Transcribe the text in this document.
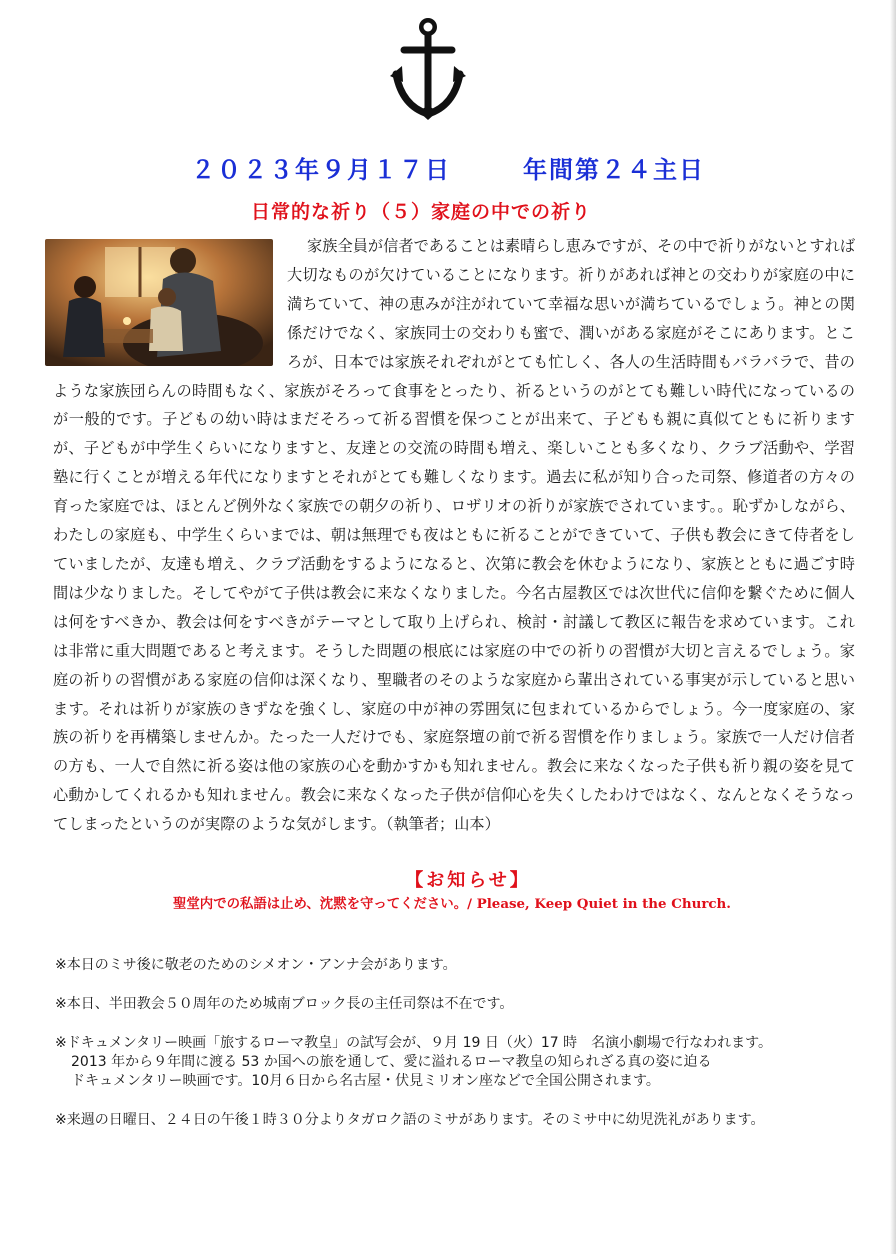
２０２３年９月１７日	年間第２４主日
日常的な祈り（５）家庭の中での祈り
家族全員が信者であることは素晴らし恵みですが、その中で祈りがないとすれば大切なものが欠けていることになります。祈りがあれば神との交わりが家庭の中に満ちていて、神の恵みが注がれていて幸福な思いが満ちているでしょう。神との関係だけでなく、家族同士の交わりも蜜で、潤いがある家庭がそこにあります。ところが、日本では家族それぞれがとても忙しく、各人の生活時間もバラバラで、昔のような家族団らんの時間もなく、家族がそろって食事をとったり、祈るというのがとても難しい時代になっているのが一般的です。子どもの幼い時はまだそろって祈る習慣を保つことが出来て、子どもも親に真似てともに祈りますが、子どもが中学生くらいになりますと、友達との交流の時間も増え、楽しいことも多くなり、クラブ活動や、学習塾に行くことが増える年代になりますとそれがとても難しくなります。過去に私が知り合った司祭、修道者の方々の育った家庭では、ほとんど例外なく家族での朝夕の祈り、ロザリオの祈りが家族でされています。。恥ずかしながら、わたしの家庭も、中学生くらいまでは、朝は無理でも夜はともに祈ることができていて、子供も教会にきて侍者をしていましたが、友達も増え、クラブ活動をするようになると、次第に教会を休むようになり、家族とともに過ごす時間は少なりました。そしてやがて子供は教会に来なくなりました。今名古屋教区では次世代に信仰を繋ぐために個人は何をすべきか、教会は何をすべきがテーマとして取り上げられ、検討・討議して教区に報告を求めています。これは非常に重大問題であると考えます。そうした問題の根底には家庭の中での祈りの習慣が大切と言えるでしょう。家庭の祈りの習慣がある家庭の信仰は深くなり、聖職者のそのような家庭から輩出されている事実が示していると思います。それは祈りが家族のきずなを強くし、家庭の中が神の雰囲気に包まれているからでしょう。今一度家庭の、家族の祈りを再構築しませんか。たった一人だけでも、家庭祭壇の前で祈る習慣を作りましょう。家族で一人だけ信者の方も、一人で自然に祈る姿は他の家族の心を動かすかも知れません。教会に来なくなった子供も祈り親の姿を見て心動かしてくれるかも知れません。教会に来なくなった子供が信仰心を失くしたわけではなく、なんとなくそうなってしまったというのが実際のような気がします。（執筆者；山本）
【お知らせ】
聖堂内での私語は止め、沈黙を守ってください。/ Please, Keep Quiet in the Church.

※本日のミサ後に敬老のためのシメオン・アンナ会があります。

※本日、半田教会５０周年のため城南ブロック長の主任司祭は不在です。

※ドキュメンタリー映画「旅するローマ教皇」の試写会が、９月 19 日（火）17 時　名演小劇場で行なわれます。
2013 年から９年間に渡る 53 か国への旅を通して、愛に溢れるローマ教皇の知られざる真の姿に迫る
ドキュメンタリー映画です。10月６日から名古屋・伏見ミリオン座などで全国公開されます。

※来週の日曜日、２４日の午後１時３０分よりタガロク語のミサがあります。そのミサ中に幼児洗礼があります。
